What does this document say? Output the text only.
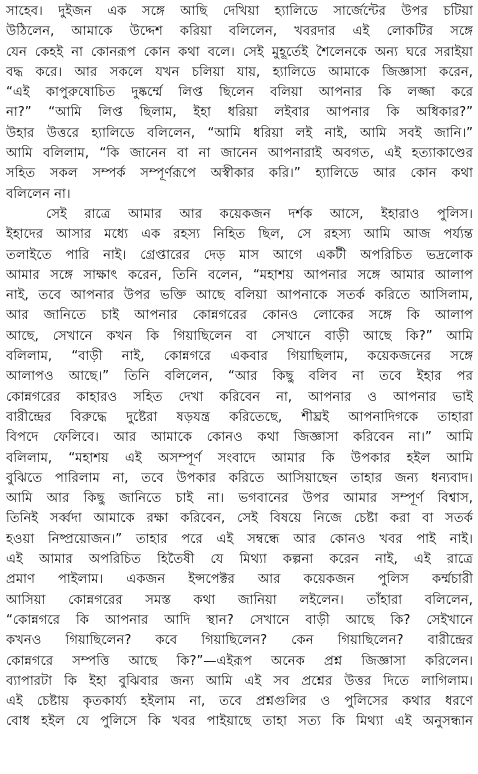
সাহেব। দুইজন এক সঙ্গে আছি দেখিয়া হ্যালিডে সার্জেন্টের উপর চটিয়া
উঠিলেন, আমাকে উদ্দেশ করিয়া বলিলেন, খবরদার এই লোকটির সঙ্গে
যেন কেহই না কোনরূপ কোন কথা বলে। সেই মুহূর্তেই শৈলেনকে অন্য ঘরে সরাইয়া
বদ্ধ করে। আর সকলে যখন চলিয়া যায়, হ্যালিডে আমাকে জিজ্ঞাসা করেন,
“এই কাপুরুষোচিত দুষ্কর্ম্মে লিপ্ত ছিলেন বলিয়া আপনার কি লজ্জা করে
না?” “আমি লিপ্ত ছিলাম, ইহা ধরিয়া লইবার আপনার কি অধিকার?”
উহার উত্তরে হ্যালিডে বলিলেন, “আমি ধরিয়া লই নাই, আমি সবই জানি।”
আমি বলিলাম, “কি জানেন বা না জানেন আপনারাই অবগত, এই হত্যাকাণ্ডের
সহিত সকল সম্পর্ক সম্পূর্ণরূপে অস্বীকার করি।” হ্যালিডে আর কোন কথা
বলিলেন না।
সেই রাত্রে আমার আর কয়েকজন দর্শক আসে, ইহারাও পুলিস।
ইহাদের আসার মধ্যে এক রহস্য নিহিত ছিল, সে রহস্য আমি আজ পর্য্যন্ত
তলাইতে পারি নাই। গ্রেপ্তারের দেড় মাস আগে একটী অপরিচিত ভদ্রলোক
আমার সঙ্গে সাক্ষাৎ করেন, তিনি বলেন, “মহাশয় আপনার সঙ্গে আমার আলাপ
নাই, তবে আপনার উপর ভক্তি আছে বলিয়া আপনাকে সতর্ক করিতে আসিলাম,
আর জানিতে চাই আপনার কোন্নগরের কোনও লোকের সঙ্গে কি আলাপ
আছে, সেখানে কখন কি গিয়াছিলেন বা সেখানে বাড়ী আছে কি?” আমি
বলিলাম, “বাড়ী নাই, কোন্নগরে একবার গিয়াছিলাম, কয়েকজনের সঙ্গে
আলাপও আছে।” তিনি বলিলেন, “আর কিছু বলিব না তবে ইহার পর
কোন্নগরের কাহারও সহিত দেখা করিবেন না, আপনার ও আপনার ভাই
বারীন্দ্রের বিরুদ্ধে দুষ্টেরা ষড়যন্ত্র করিতেছে, শীঘ্রই আপনাদিগকে তাহারা
বিপদে ফেলিবে। আর আমাকে কোনও কথা জিজ্ঞাসা করিবেন না।” আমি
বলিলাম, “মহাশয় এই অসম্পূর্ণ সংবাদে আমার কি উপকার হইল আমি
বুঝিতে পারিলাম না, তবে উপকার করিতে আসিয়াছেন তাহার জন্য ধন্যবাদ।
আমি আর কিছু জানিতে চাই না। ভগবানের উপর আমার সম্পূর্ণ বিশ্বাস,
তিনিই সর্ব্বদা আমাকে রক্ষা করিবেন, সেই বিষয়ে নিজে চেষ্টা করা বা সতর্ক
হওয়া নিষ্প্রয়োজন।” তাহার পরে এই সম্বন্ধে আর কোনও খবর পাই নাই।
এই আমার অপরিচিত হিতৈষী যে মিথ্যা কল্পনা করেন নাই, এই রাত্রে
প্রমাণ পাইলাম। একজন ইন্সপেক্টর আর কয়েকজন পুলিস কর্ম্মচারী
আসিয়া কোন্নগরের সমস্ত কথা জানিয়া লইলেন। তাঁহারা বলিলেন,
“কোন্নগরে কি আপনার আদি স্থান? সেখানে বাড়ী আছে কি? সেইখানে
কখনও গিয়াছিলেন? কবে গিয়াছিলেন? কেন গিয়াছিলেন? বারীন্দ্রের
কোন্নগরে সম্পত্তি আছে কি?”—এইরূপ অনেক প্রশ্ন জিজ্ঞাসা করিলেন।
ব্যাপারটা কি ইহা বুঝিবার জন্য আমি এই সব প্রশ্নের উত্তর দিতে লাগিলাম।
এই চেষ্টায় কৃতকার্য্য হইলাম না, তবে প্রশ্নগুলির ও পুলিসের কথার ধরণে
বোধ হইল যে পুলিসে কি খবর পাইয়াছে তাহা সত্য কি মিথ্যা এই অনুসন্ধান
